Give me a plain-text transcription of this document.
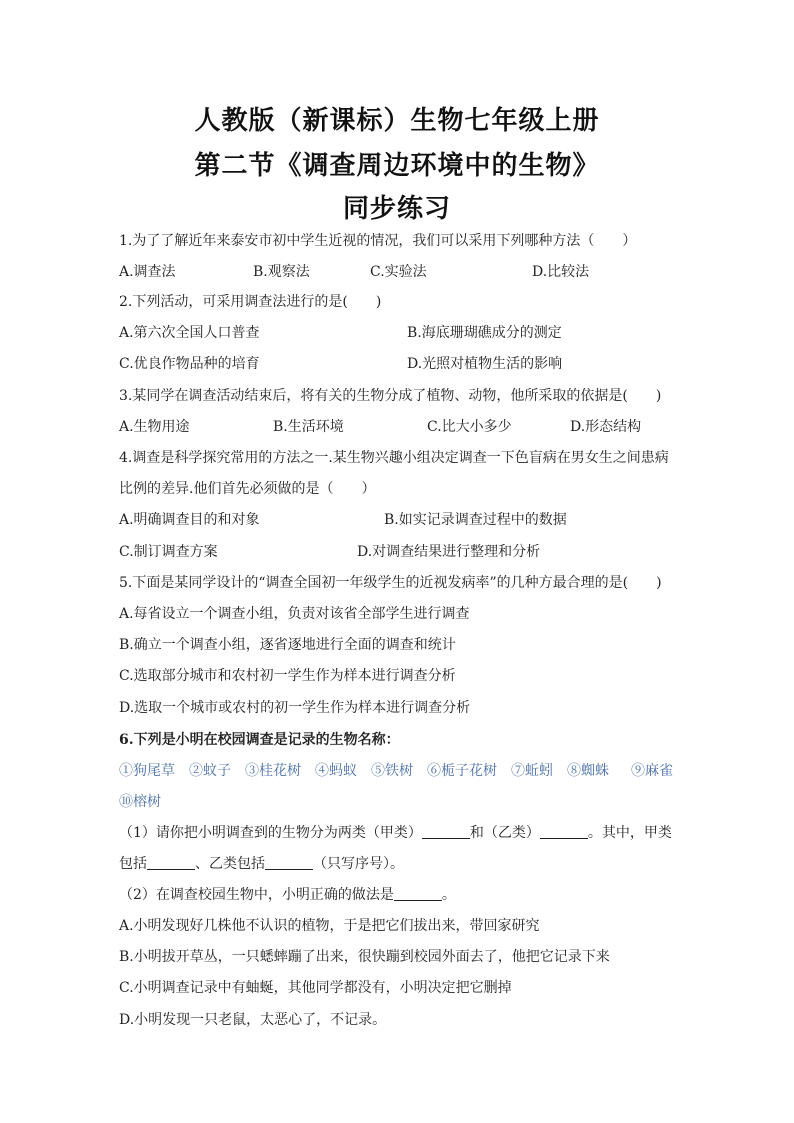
人教版（新课标）生物七年级上册
第二节《调查周边环境中的生物》
同步练习
1.为了了解近年来泰安市初中学生近视的情况，我们可以采用下列哪种方法（　　）
A.调查法	B.观察法	C.实验法	D.比较法
2.下列活动，可采用调查法进行的是(　　)
A.第六次全国人口普查	B.海底珊瑚礁成分的测定
C.优良作物品种的培育	D.光照对植物生活的影响
3.某同学在调查活动结束后，将有关的生物分成了植物、动物，他所采取的依据是(　　)
A.生物用途	B.生活环境	C.比大小多少	D.形态结构
4.调查是科学探究常用的方法之一.某生物兴趣小组决定调查一下色盲病在男女生之间患病
比例的差异.他们首先必须做的是（　　）
A.明确调查目的和对象	B.如实记录调查过程中的数据
C.制订调查方案	D.对调查结果进行整理和分析
5.下面是某同学设计的“调查全国初一年级学生的近视发病率”的几种方最合理的是(　　)
A.每省设立一个调查小组，负责对该省全部学生进行调查
B.确立一个调查小组，逐省逐地进行全面的调查和统计
C.选取部分城市和农村初一学生作为样本进行调查分析
D.选取一个城市或农村的初一学生作为样本进行调查分析
6.下列是小明在校园调查是记录的生物名称：
①狗尾草 ②蚊子 ③桂花树 ④蚂蚁 ⑤铁树 ⑥栀子花树 ⑦蚯蚓 ⑧蜘蛛 ⑨麻雀
⑩榕树
（1）请你把小明调查到的生物分为两类（甲类）	和（乙类）	。其中，甲类
包括	、乙类包括	（只写序号）。
（2）在调查校园生物中，小明正确的做法是	。
A.小明发现好几株他不认识的植物，于是把它们拔出来，带回家研究
B.小明拔开草丛，一只蟋蟀蹦了出来，很快蹦到校园外面去了，他把它记录下来
C.小明调查记录中有蚰蜒，其他同学都没有，小明决定把它删掉
D.小明发现一只老鼠，太恶心了，不记录。
